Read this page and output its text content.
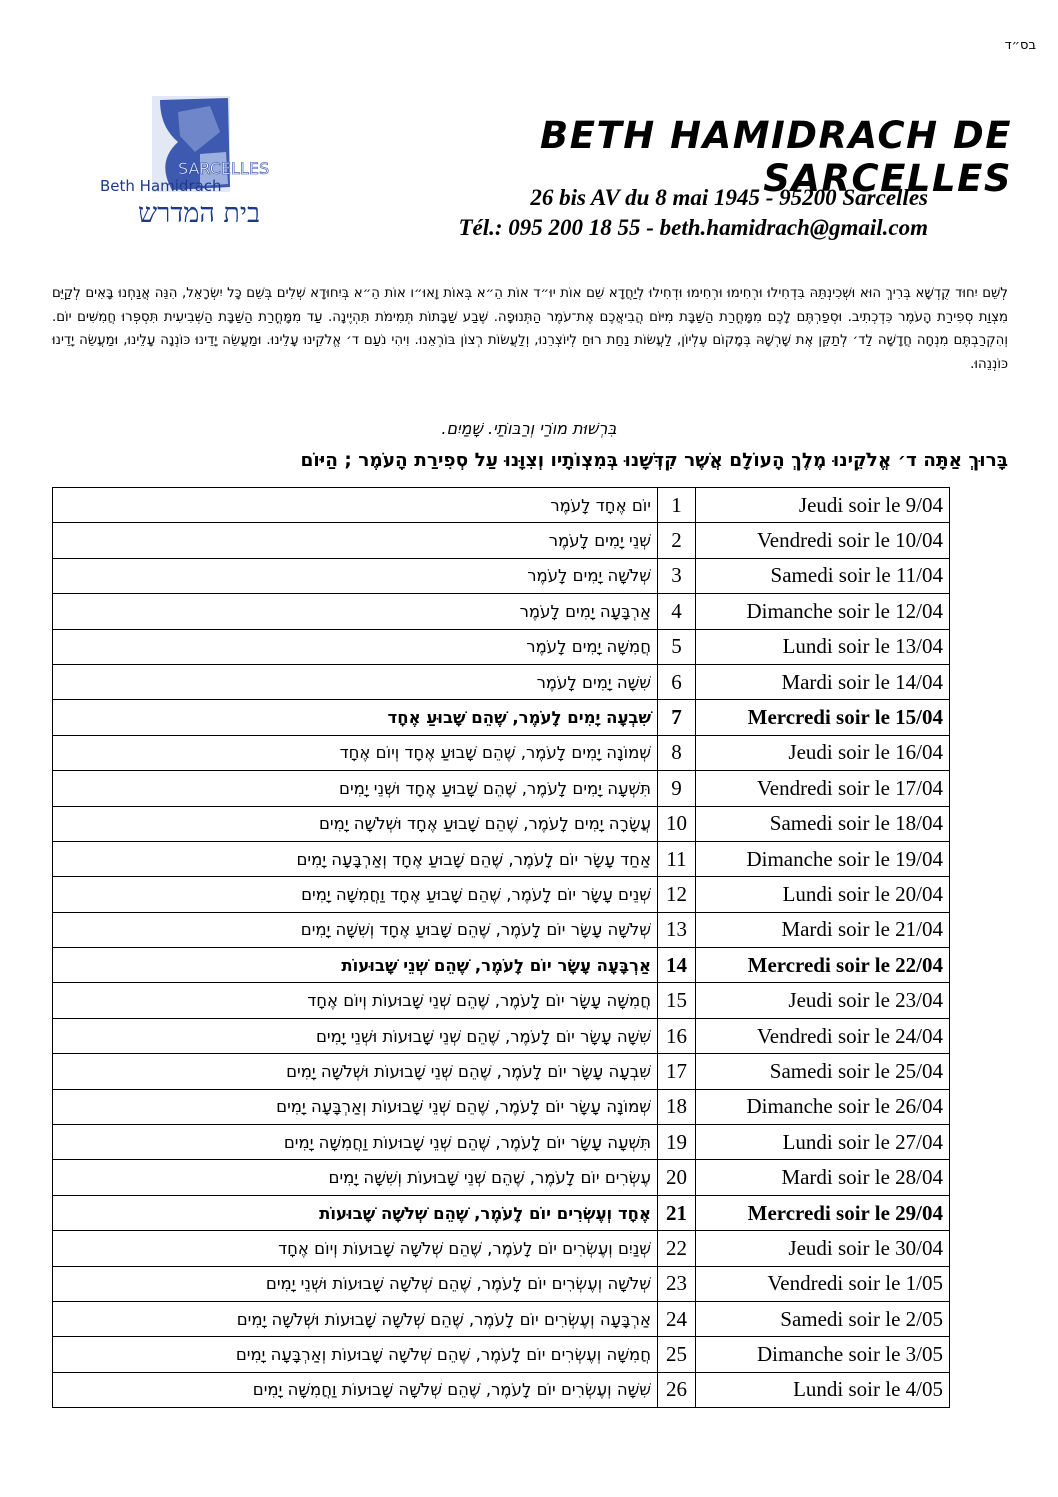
בס״ד
SARCELLES
Beth Hamidrach
בית המדרש
BETH HAMIDRACH DE SARCELLES
26 bis AV du 8 mai 1945 - 95200 Sarcelles
Tél.: 095 200 18 55 - beth.hamidrach@gmail.com
לְשֵׁם יִחוּד קֻדְשָׁא בְּרִיךְ הוּא וּשְׁכִינְתֵּהּ בִּדְחִילוּ וּרְחִימוּ וּרְחִימוּ וּדְחִילוּ לְיַחֲדָא שֵׁם אוֹת יוּ״ד אוֹת הֵ״א בְּאוֹת וָאוּ״ו אוֹת הֵ״א בְּיִחוּדָא שְׁלִים בְּשֵׁם כָּל יִשְׂרָאֵל, הִנֵּה אֲנַחְנוּ בָּאִים לְקַיֵּם מִצְוַת סְפִירַת הָעֹמֶר כִּדְכְתִיב. וּסְפַרְתֶּם לָכֶם מִמָּחֳרַת הַשַּׁבָּת מִיּוֹם הֲבִיאֲכֶם אֶת־עֹמֶר הַתְּנוּפָה. שֶׁבַע שַׁבָּתוֹת תְּמִימֹת תִּהְיֶינָה. עַד מִמָּחֳרַת הַשַּׁבָּת הַשְּׁבִיעִית תִּסְפְּרוּ חֲמִשִּׁים יוֹם. וְהִקְרַבְתֶּם מִנְחָה חֲדָשָׁה לַד׳ לְתַקֵּן אֶת שָׁרְשָׁהּ בְּמָקוֹם עֶלְיוֹן, לַעֲשׂוֹת נַחַת רוּחַ לְיוֹצְרֵנוּ, וְלַעֲשׂוֹת רְצוֹן בּוֹרְאֵנוּ. וִיהִי נֹעַם ד׳ אֱלֹקֵינוּ עָלֵינוּ. וּמַעֲשֵׂה יָדֵינוּ כּוֹנְנָה עָלֵינוּ, וּמַעֲשֵׂה יָדֵינוּ כּוֹנְנֵהוּ.
בִּרְשׁוּת מוֹרַי וְרַבּוֹתַי. שָׁמַיִם.
בָּרוּךְ אַתָּה ד׳ אֱלֹקֵינוּ מֶלֶךְ הָעוֹלָם אֲשֶׁר קִדְּשָׁנוּ בְּמִצְוֹתָיו וְצִוָּנוּ עַל סְפִירַת הָעֹמֶר ; הַיּוֹם
יוֹם אֶחָד לָעֹמֶר	1	Jeudi soir le 9/04
שְׁנֵי יָמִים לָעֹמֶר	2	Vendredi soir le 10/04
שְׁלֹשָׁה יָמִים לָעֹמֶר	3	Samedi soir le 11/04
אַרְבָּעָה יָמִים לָעֹמֶר	4	Dimanche soir le 12/04
חֲמִשָּׁה יָמִים לָעֹמֶר	5	Lundi soir le 13/04
שִׁשָּׁה יָמִים לָעֹמֶר	6	Mardi soir le 14/04
שִׁבְעָה יָמִים לָעֹמֶר, שֶׁהֵם שָׁבוּעַ אֶחָד	7	Mercredi soir le 15/04
שְׁמוֹנָה יָמִים לָעֹמֶר, שֶׁהֵם שָׁבוּעַ אֶחָד וְיוֹם אֶחָד	8	Jeudi soir le 16/04
תִּשְׁעָה יָמִים לָעֹמֶר, שֶׁהֵם שָׁבוּעַ אֶחָד וּשְׁנֵי יָמִים	9	Vendredi soir le 17/04
עֲשָׂרָה יָמִים לָעֹמֶר, שֶׁהֵם שָׁבוּעַ אֶחָד וּשְׁלֹשָׁה יָמִים	10	Samedi soir le 18/04
אַחַד עָשָׂר יוֹם לָעֹמֶר, שֶׁהֵם שָׁבוּעַ אֶחָד וְאַרְבָּעָה יָמִים	11	Dimanche soir le 19/04
שְׁנֵים עָשָׂר יוֹם לָעֹמֶר, שֶׁהֵם שָׁבוּעַ אֶחָד וַחֲמִשָּׁה יָמִים	12	Lundi soir le 20/04
שְׁלֹשָׁה עָשָׂר יוֹם לָעֹמֶר, שֶׁהֵם שָׁבוּעַ אֶחָד וְשִׁשָּׁה יָמִים	13	Mardi soir le 21/04
אַרְבָּעָה עָשָׂר יוֹם לָעֹמֶר, שֶׁהֵם שְׁנֵי שָׁבוּעוֹת	14	Mercredi soir le 22/04
חֲמִשָּׁה עָשָׂר יוֹם לָעֹמֶר, שֶׁהֵם שְׁנֵי שָׁבוּעוֹת וְיוֹם אֶחָד	15	Jeudi soir le 23/04
שִׁשָּׁה עָשָׂר יוֹם לָעֹמֶר, שֶׁהֵם שְׁנֵי שָׁבוּעוֹת וּשְׁנֵי יָמִים	16	Vendredi soir le 24/04
שִׁבְעָה עָשָׂר יוֹם לָעֹמֶר, שֶׁהֵם שְׁנֵי שָׁבוּעוֹת וּשְׁלֹשָׁה יָמִים	17	Samedi soir le 25/04
שְׁמוֹנָה עָשָׂר יוֹם לָעֹמֶר, שֶׁהֵם שְׁנֵי שָׁבוּעוֹת וְאַרְבָּעָה יָמִים	18	Dimanche soir le 26/04
תִּשְׁעָה עָשָׂר יוֹם לָעֹמֶר, שֶׁהֵם שְׁנֵי שָׁבוּעוֹת וַחֲמִשָּׁה יָמִים	19	Lundi soir le 27/04
עֶשְׂרִים יוֹם לָעֹמֶר, שֶׁהֵם שְׁנֵי שָׁבוּעוֹת וְשִׁשָּׁה יָמִים	20	Mardi soir le 28/04
אֶחָד וְעֶשְׂרִים יוֹם לָעֹמֶר, שֶׁהֵם שְׁלֹשָׁה שָׁבוּעוֹת	21	Mercredi soir le 29/04
שְׁנַיִם וְעֶשְׂרִים יוֹם לָעֹמֶר, שֶׁהֵם שְׁלֹשָׁה שָׁבוּעוֹת וְיוֹם אֶחָד	22	Jeudi soir le 30/04
שְׁלֹשָׁה וְעֶשְׂרִים יוֹם לָעֹמֶר, שֶׁהֵם שְׁלֹשָׁה שָׁבוּעוֹת וּשְׁנֵי יָמִים	23	Vendredi soir le 1/05
אַרְבָּעָה וְעֶשְׂרִים יוֹם לָעֹמֶר, שֶׁהֵם שְׁלֹשָׁה שָׁבוּעוֹת וּשְׁלֹשָׁה יָמִים	24	Samedi soir le 2/05
חֲמִשָּׁה וְעֶשְׂרִים יוֹם לָעֹמֶר, שֶׁהֵם שְׁלֹשָׁה שָׁבוּעוֹת וְאַרְבָּעָה יָמִים	25	Dimanche soir le 3/05
שִׁשָּׁה וְעֶשְׂרִים יוֹם לָעֹמֶר, שֶׁהֵם שְׁלֹשָׁה שָׁבוּעוֹת וַחֲמִשָּׁה יָמִים	26	Lundi soir le 4/05
